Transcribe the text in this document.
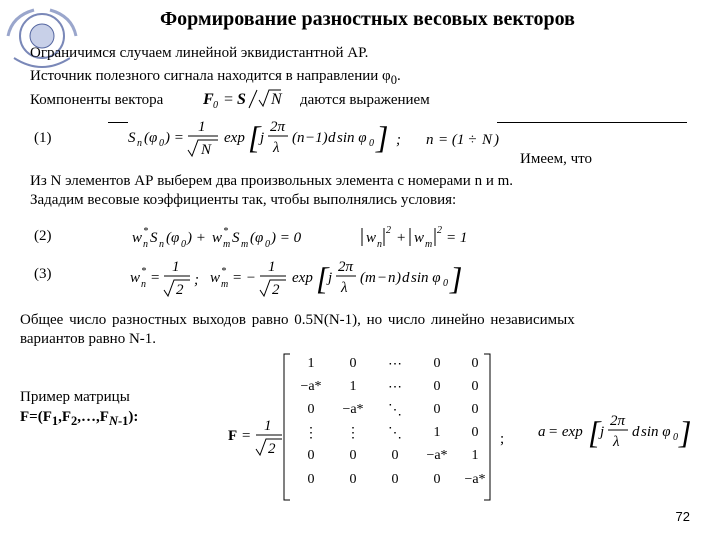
Формирование разностных весовых векторов
Ограничимся случаем линейной эквидистантной АР.
Источник полезного сигнала находится в направлении $\varphi_0$.
Компоненты вектора F 0 = S N даются выражением
(1)	S n (φ 0 ) =
1
N
exp [ j
2π
λ
( n −1) d sin φ 0 ] ; n = (1 ÷ N )
Имеем, что
Из N элементов АР выберем два произвольных элемента с номерами n и m.
Зададим весовые коэффициенты так, чтобы выполнялись условия:
(2)	w *
n S n (φ 0 ) + w *
m S m (φ 0 ) = 0	w n
2 + w m
2 = 1
(3)	w *
n =
1
2
; w *
m = −
1
2
exp [ j
2π
λ
( m − n ) d sin φ 0 ]
Общее число разностных выходов равно 0.5N(N-1), но число линейно независимых
вариантов равно N-1.
Пример матрицы
$F=(F_1,F_2,\dots,F_{N-1})$:
F =
1
2
1	0	⋯	0	0
−a*	1	⋯	0	0
0	−a*	⋱	0	0
⋮	⋮	⋱	1	0
0	0	0	−a*	1
0	0	0	0	−a*
; a = exp [ j
2π
λ
d sin φ 0 ]
72
